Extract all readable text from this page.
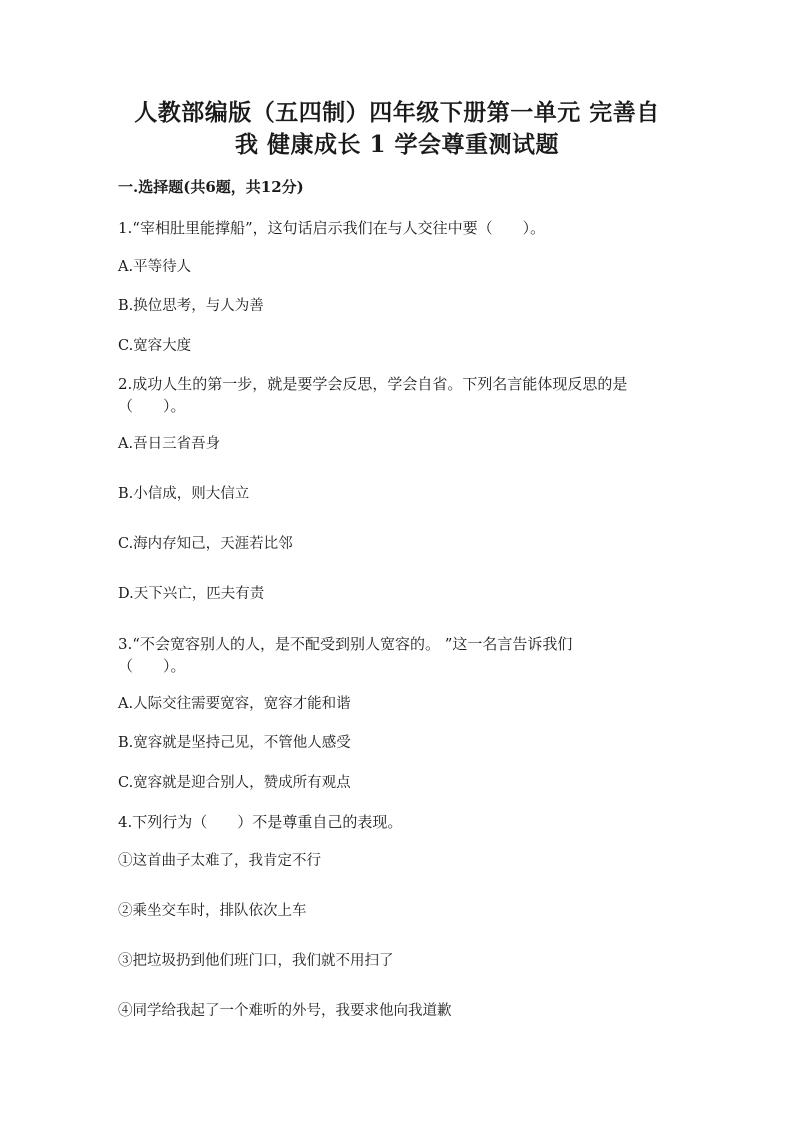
人教部编版（五四制）四年级下册第一单元 完善自
我 健康成长 1 学会尊重测试题
一.选择题(共6题，共12分)
1.“宰相肚里能撑船”，这句话启示我们在与人交往中要（　　）。
A.平等待人
B.换位思考，与人为善
C.宽容大度
2.成功人生的第一步，就是要学会反思，学会自省。下列名言能体现反思的是
（　　）。
A.吾日三省吾身
B.小信成，则大信立
C.海内存知己，天涯若比邻
D.天下兴亡，匹夫有责
3.“不会宽容别人的人，是不配受到别人宽容的。 ”这一名言告诉我们
（　　）。
A.人际交往需要宽容，宽容才能和谐
B.宽容就是坚持己见，不管他人感受
C.宽容就是迎合别人，赞成所有观点
4.下列行为（　　）不是尊重自己的表现。
①这首曲子太难了，我肯定不行
②乘坐交车时，排队依次上车
③把垃圾扔到他们班门口，我们就不用扫了
④同学给我起了一个难听的外号，我要求他向我道歉
